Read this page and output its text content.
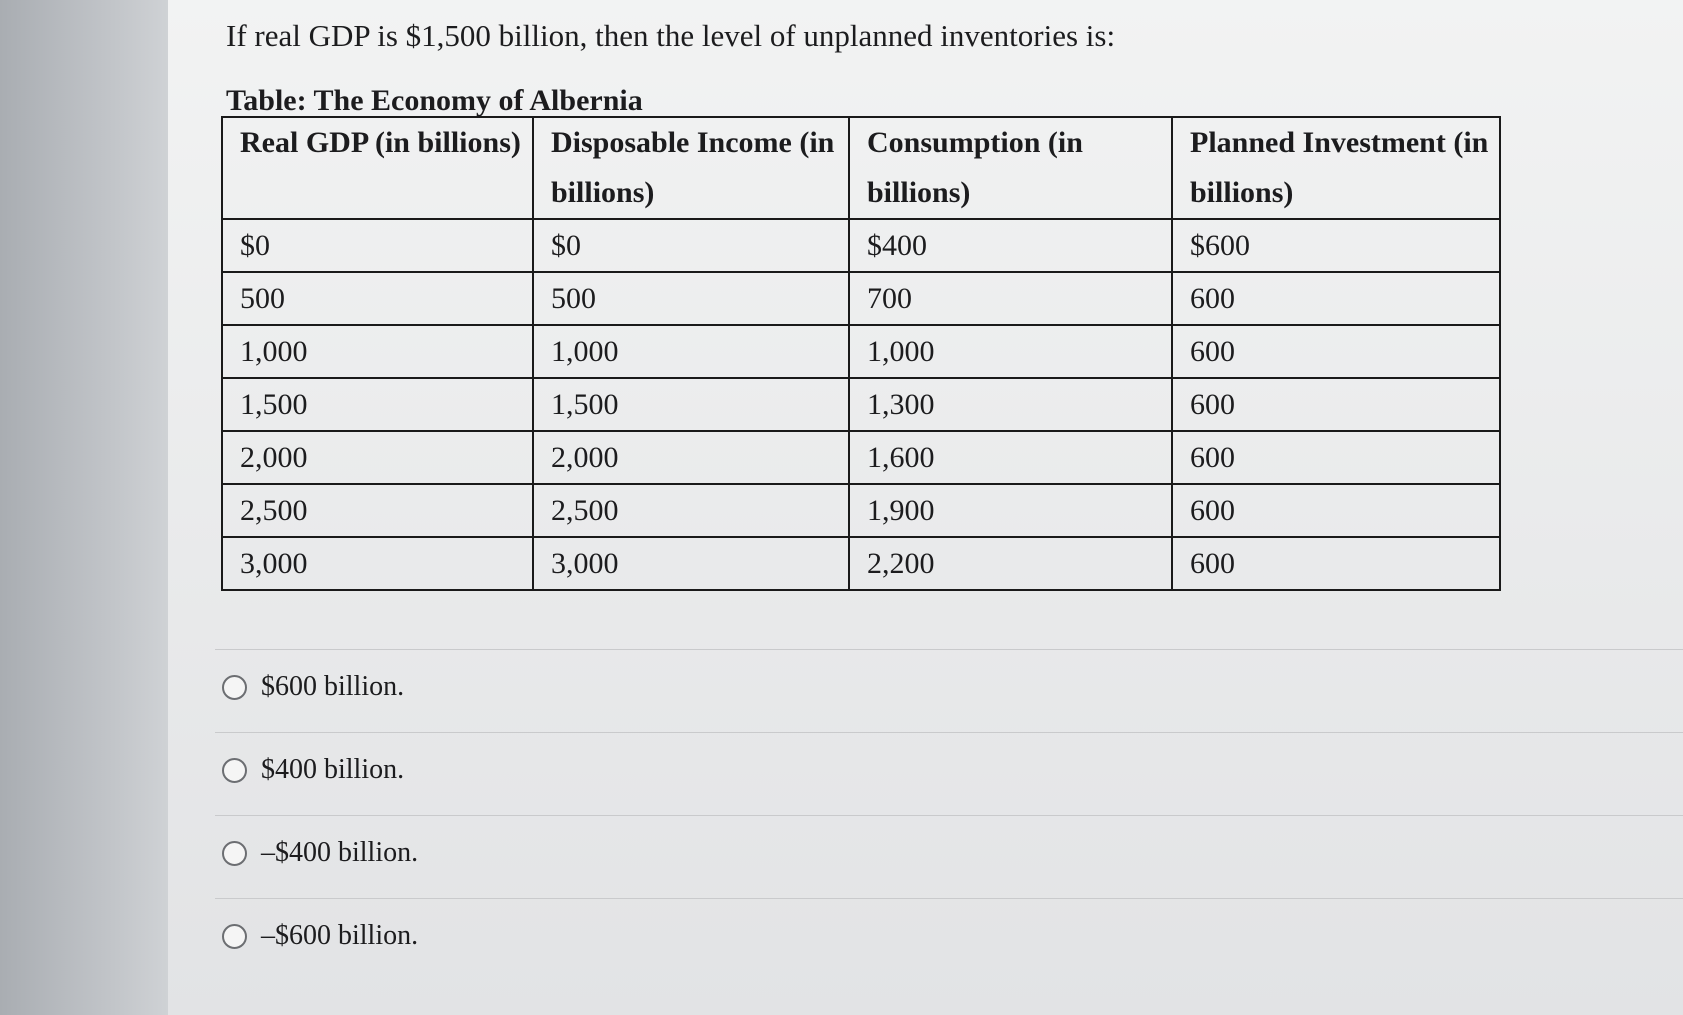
If real GDP is $1,500 billion, then the level of unplanned inventories is:

Table: The Economy of Albernia
Real GDP (in billions)	Disposable Income (in billions)	Consumption (in billions)	Planned Investment (in billions)
$0	$0	$400	$600
500	500	700	600
1,000	1,000	1,000	600
1,500	1,500	1,300	600
2,000	2,000	1,600	600
2,500	2,500	1,900	600
3,000	3,000	2,200	600
$600 billion.
$400 billion.
–$400 billion.
–$600 billion.
